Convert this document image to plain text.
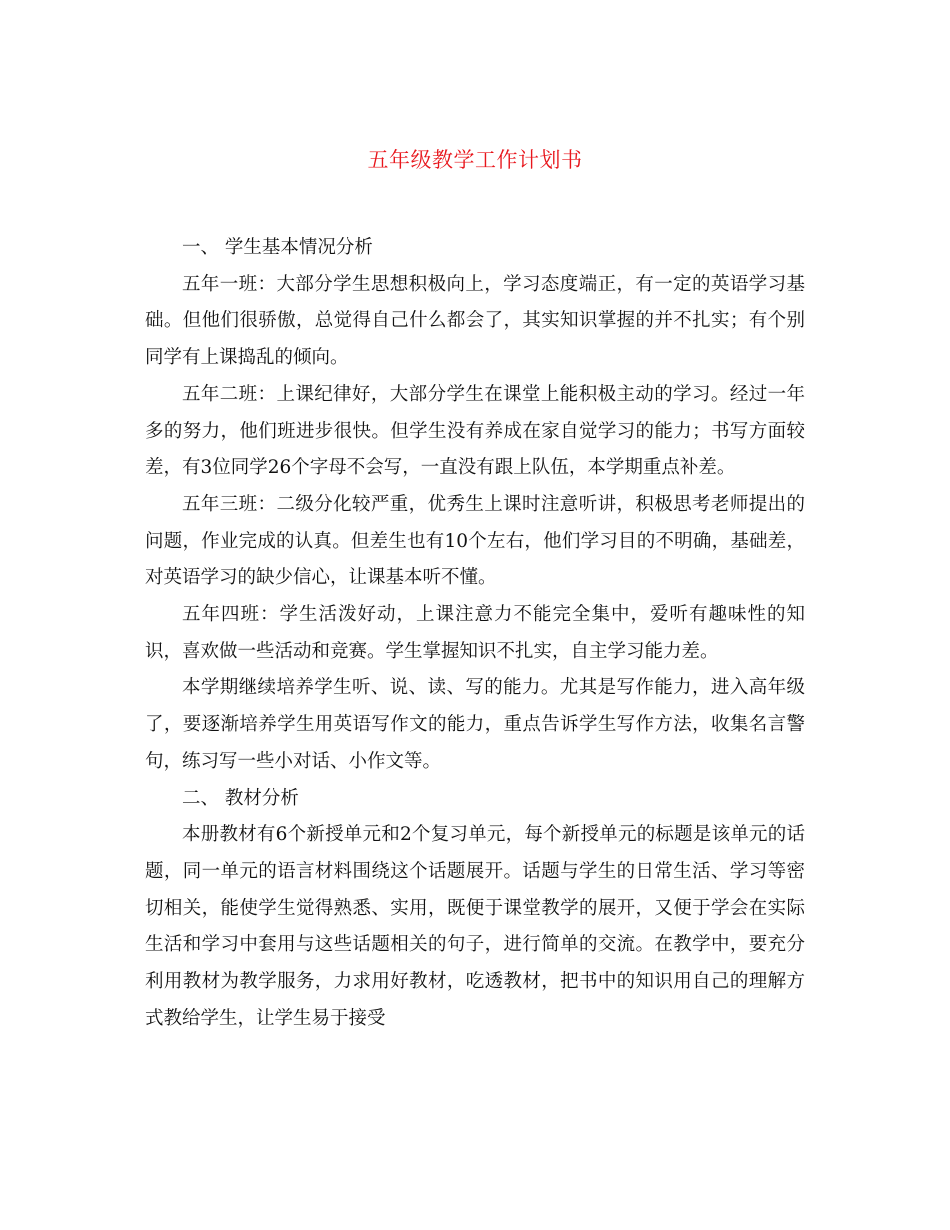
五年级教学工作计划书

一、 学生基本情况分析

五年一班：大部分学生思想积极向上，学习态度端正，有一定的英语学习基础。但他们很骄傲，总觉得自己什么都会了，其实知识掌握的并不扎实；有个别同学有上课捣乱的倾向。

五年二班：上课纪律好，大部分学生在课堂上能积极主动的学习。经过一年多的努力，他们班进步很快。但学生没有养成在家自觉学习的能力；书写方面较差，有3位同学26个字母不会写，一直没有跟上队伍，本学期重点补差。

五年三班：二级分化较严重，优秀生上课时注意听讲，积极思考老师提出的问题，作业完成的认真。但差生也有10个左右，他们学习目的不明确，基础差，对英语学习的缺少信心，让课基本听不懂。

五年四班：学生活泼好动，上课注意力不能完全集中，爱听有趣味性的知识，喜欢做一些活动和竞赛。学生掌握知识不扎实，自主学习能力差。

本学期继续培养学生听、说、读、写的能力。尤其是写作能力，进入高年级了，要逐渐培养学生用英语写作文的能力，重点告诉学生写作方法，收集名言警句，练习写一些小对话、小作文等。

二、 教材分析

本册教材有6个新授单元和2个复习单元，每个新授单元的标题是该单元的话题，同一单元的语言材料围绕这个话题展开。话题与学生的日常生活、学习等密切相关，能使学生觉得熟悉、实用，既便于课堂教学的展开，又便于学会在实际生活和学习中套用与这些话题相关的句子，进行简单的交流。在教学中，要充分利用教材为教学服务，力求用好教材，吃透教材，把书中的知识用自己的理解方式教给学生，让学生易于接受
